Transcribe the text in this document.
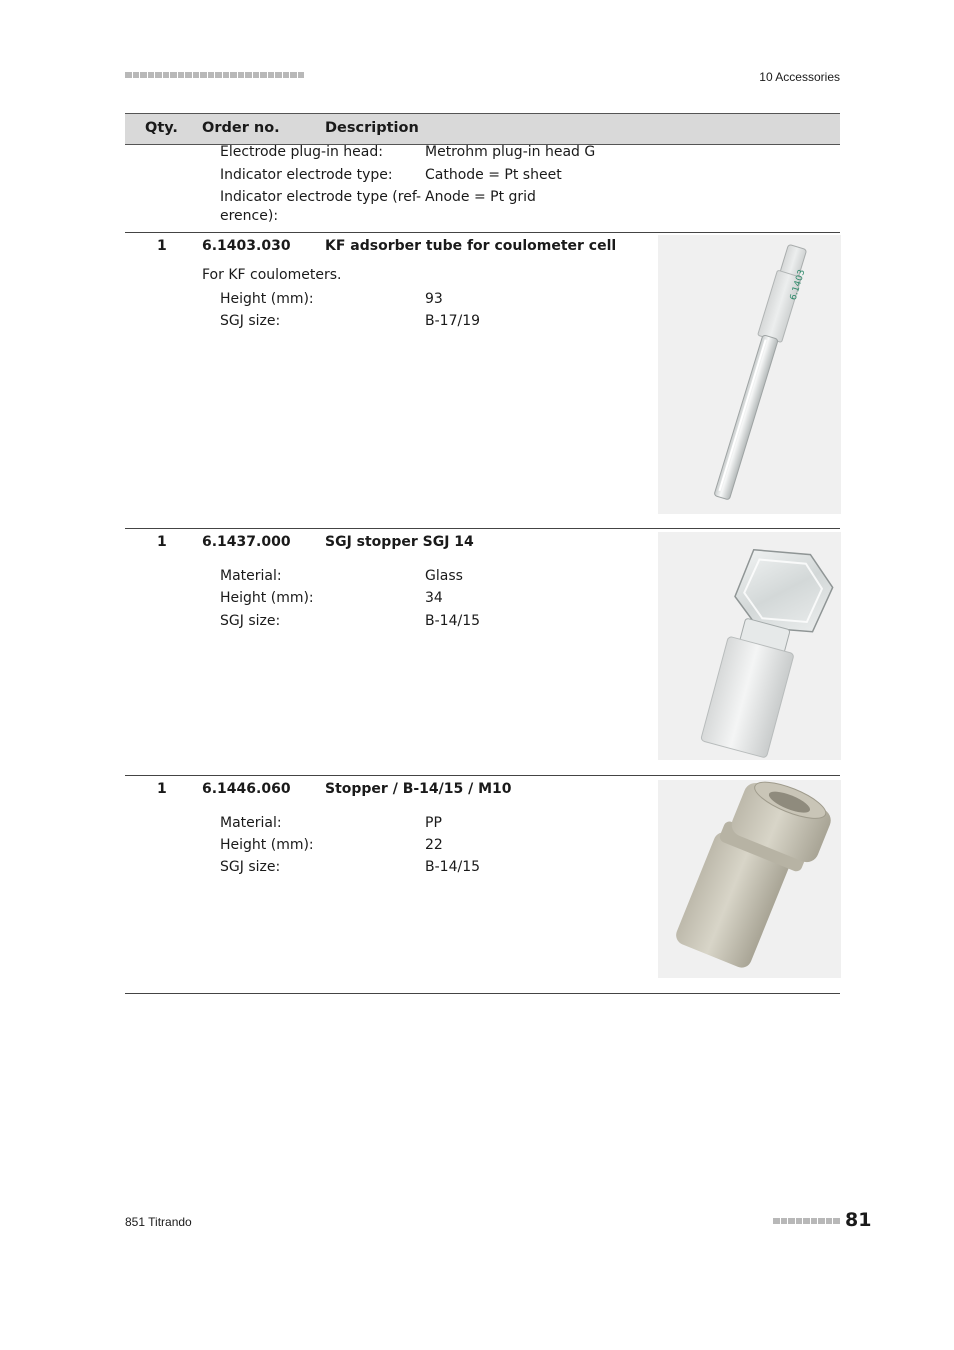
10 Accessories
Qty. Order no.	Description
Electrode plug-in head:	Metrohm plug-in head G
Indicator electrode type: Cathode = Pt sheet
Indicator electrode type (ref-
erence):
Anode = Pt grid
1	6.1403.030 KF adsorber tube for coulometer cell
For KF coulometers.
Height (mm):	93
SGJ size:	B-17/19
6.1403
1	6.1437.000 SGJ stopper SGJ 14
Material:	Glass
Height (mm):	34
SGJ size:	B-14/15
1	6.1446.060 Stopper / B-14/15 / M10
Material:	PP
Height (mm):	22
SGJ size:	B-14/15
851 Titrando	81
